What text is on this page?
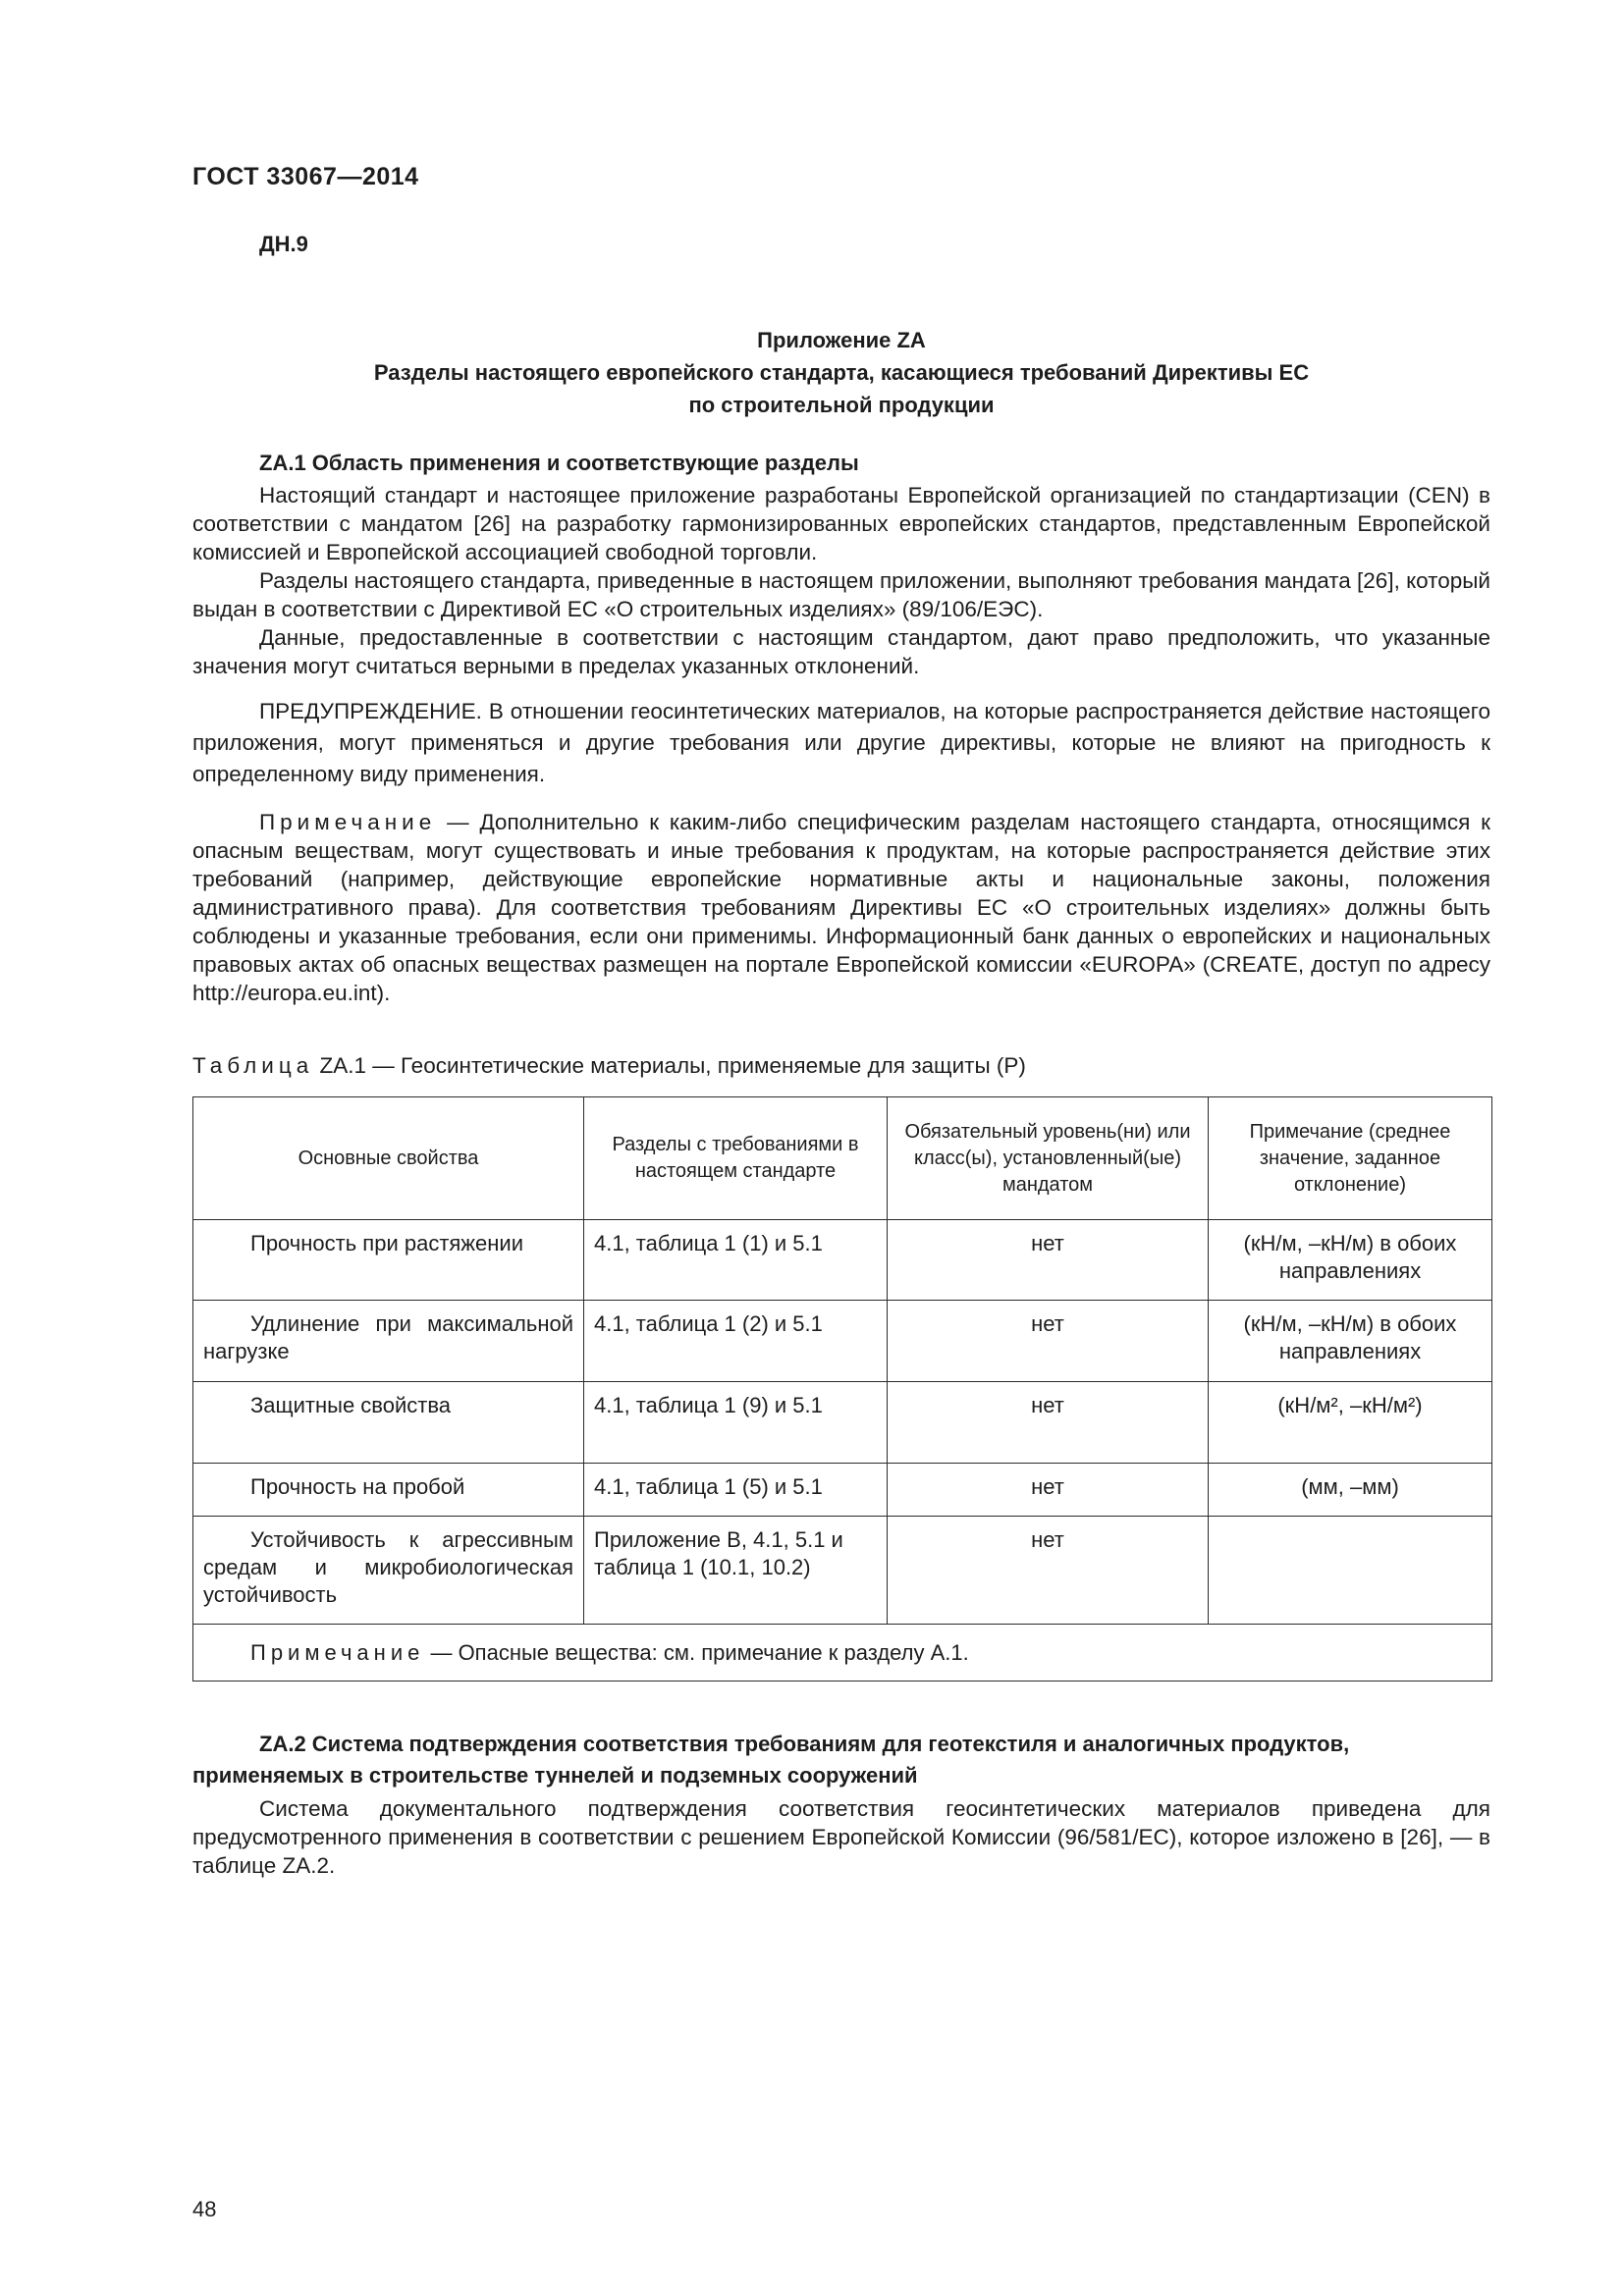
ГОСТ 33067—2014
ДН.9
Приложение ZA
Разделы настоящего европейского стандарта, касающиеся требований Директивы ЕС
по строительной продукции
ZA.1 Область применения и соответствующие разделы

Настоящий стандарт и настоящее приложение разработаны Европейской организацией по стандартизации (CEN) в соответствии с мандатом [26] на разработку гармонизированных европейских стандартов, представленным Европейской комиссией и Европейской ассоциацией свободной торговли.

Разделы настоящего стандарта, приведенные в настоящем приложении, выполняют требования мандата [26], который выдан в соответствии с Директивой ЕС «О строительных изделиях» (89/106/ЕЭС).

Данные, предоставленные в соответствии с настоящим стандартом, дают право предположить, что указанные значения могут считаться верными в пределах указанных отклонений.

ПРЕДУПРЕЖДЕНИЕ. В отношении геосинтетических материалов, на которые распространяется действие настоящего приложения, могут применяться и другие требования или другие директивы, которые не влияют на пригодность к определенному виду применения.

Примечание — Дополнительно к каким-либо специфическим разделам настоящего стандарта, относящимся к опасным веществам, могут существовать и иные требования к продуктам, на которые распространяется действие этих требований (например, действующие европейские нормативные акты и национальные законы, положения административного права). Для соответствия требованиям Директивы ЕС «О строительных изделиях» должны быть соблюдены и указанные требования, если они применимы. Информационный банк данных о европейских и национальных правовых актах об опасных веществах размещен на портале Европейской комиссии «EUROPA» (CREATE, доступ по адресу http://europa.eu.int).

Таблица ZA.1 — Геосинтетические материалы, применяемые для защиты (P)
Основные свойства	Разделы с требованиями в настоящем стандарте	Обязательный уровень(ни) или класс(ы), установленный(ые) мандатом	Примечание (среднее значение, заданное отклонение)
Прочность при растяжении	4.1, таблица 1 (1) и 5.1	нет	(кН/м, –кН/м) в обоих направлениях
Удлинение при максимальной нагрузке	4.1, таблица 1 (2) и 5.1	нет	(кН/м, –кН/м) в обоих направлениях
Защитные свойства	4.1, таблица 1 (9) и 5.1	нет	(кН/м², –кН/м²)
Прочность на пробой	4.1, таблица 1 (5) и 5.1	нет	(мм, –мм)
Устойчивость к агрессивным средам и микробиологическая устойчивость	Приложение B, 4.1, 5.1 и таблица 1 (10.1, 10.2)	нет	
Примечание — Опасные вещества: см. примечание к разделу А.1.			
ZA.2 Система подтверждения соответствия требованиям для геотекстиля и аналогичных продуктов,
применяемых в строительстве туннелей и подземных сооружений

Система документального подтверждения соответствия геосинтетических материалов приведена для предусмотренного применения в соответствии с решением Европейской Комиссии (96/581/ЕС), которое изложено в [26], — в таблице ZA.2.

48
